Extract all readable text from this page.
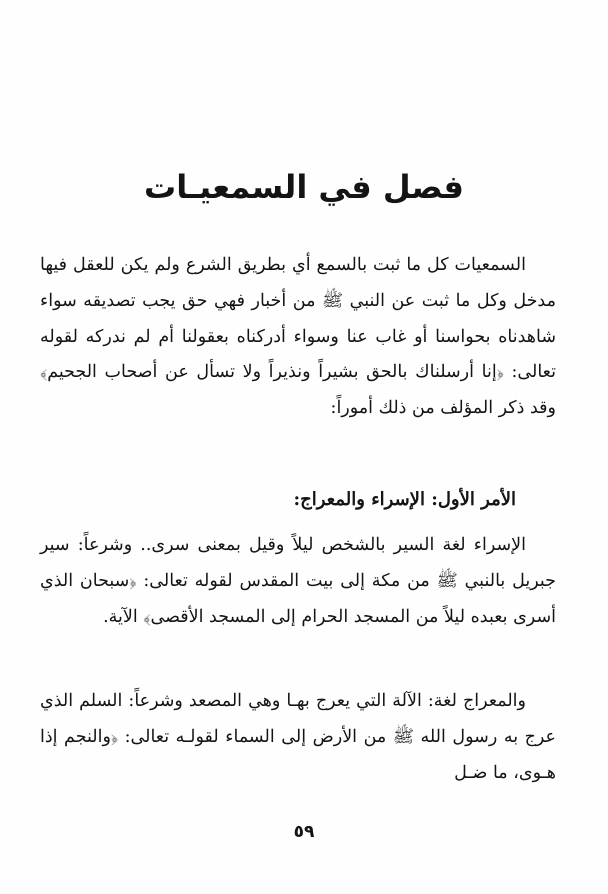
فصل في السمعيـات

السمعيات كل ما ثبت بالسمع أي بطريق الشرع ولم يكن للعقل فيها مدخل وكل ما ثبت عن النبي ﷺ من أخبار فهي حق يجب تصديقه سواء شاهدناه بحواسنا أو غاب عنا وسواء أدركناه بعقولنا أم لم ندركه لقوله تعالى: ﴿إنا أرسلناك بالحق بشيراً ونذيراً ولا تسأل عن أصحاب الجحيم﴾ وقد ذكر المؤلف من ذلك أموراً:

الأمر الأول: الإسراء والمعراج:

الإسراء لغة السير بالشخص ليلاً وقيل بمعنى سرى.. وشرعاً: سير جبريل بالنبي ﷺ من مكة إلى بيت المقدس لقوله تعالى: ﴿سبحان الذي أسرى بعبده ليلاً من المسجد الحرام إلى المسجد الأقصى﴾ الآية.

والمعراج لغة: الآلة التي يعرج بهـا وهي المصعد وشرعاً: السلم الذي عرج به رسول الله ﷺ من الأرض إلى السماء لقولـه تعالى: ﴿والنجم إذا هـوى، ما ضـل

٥٩
